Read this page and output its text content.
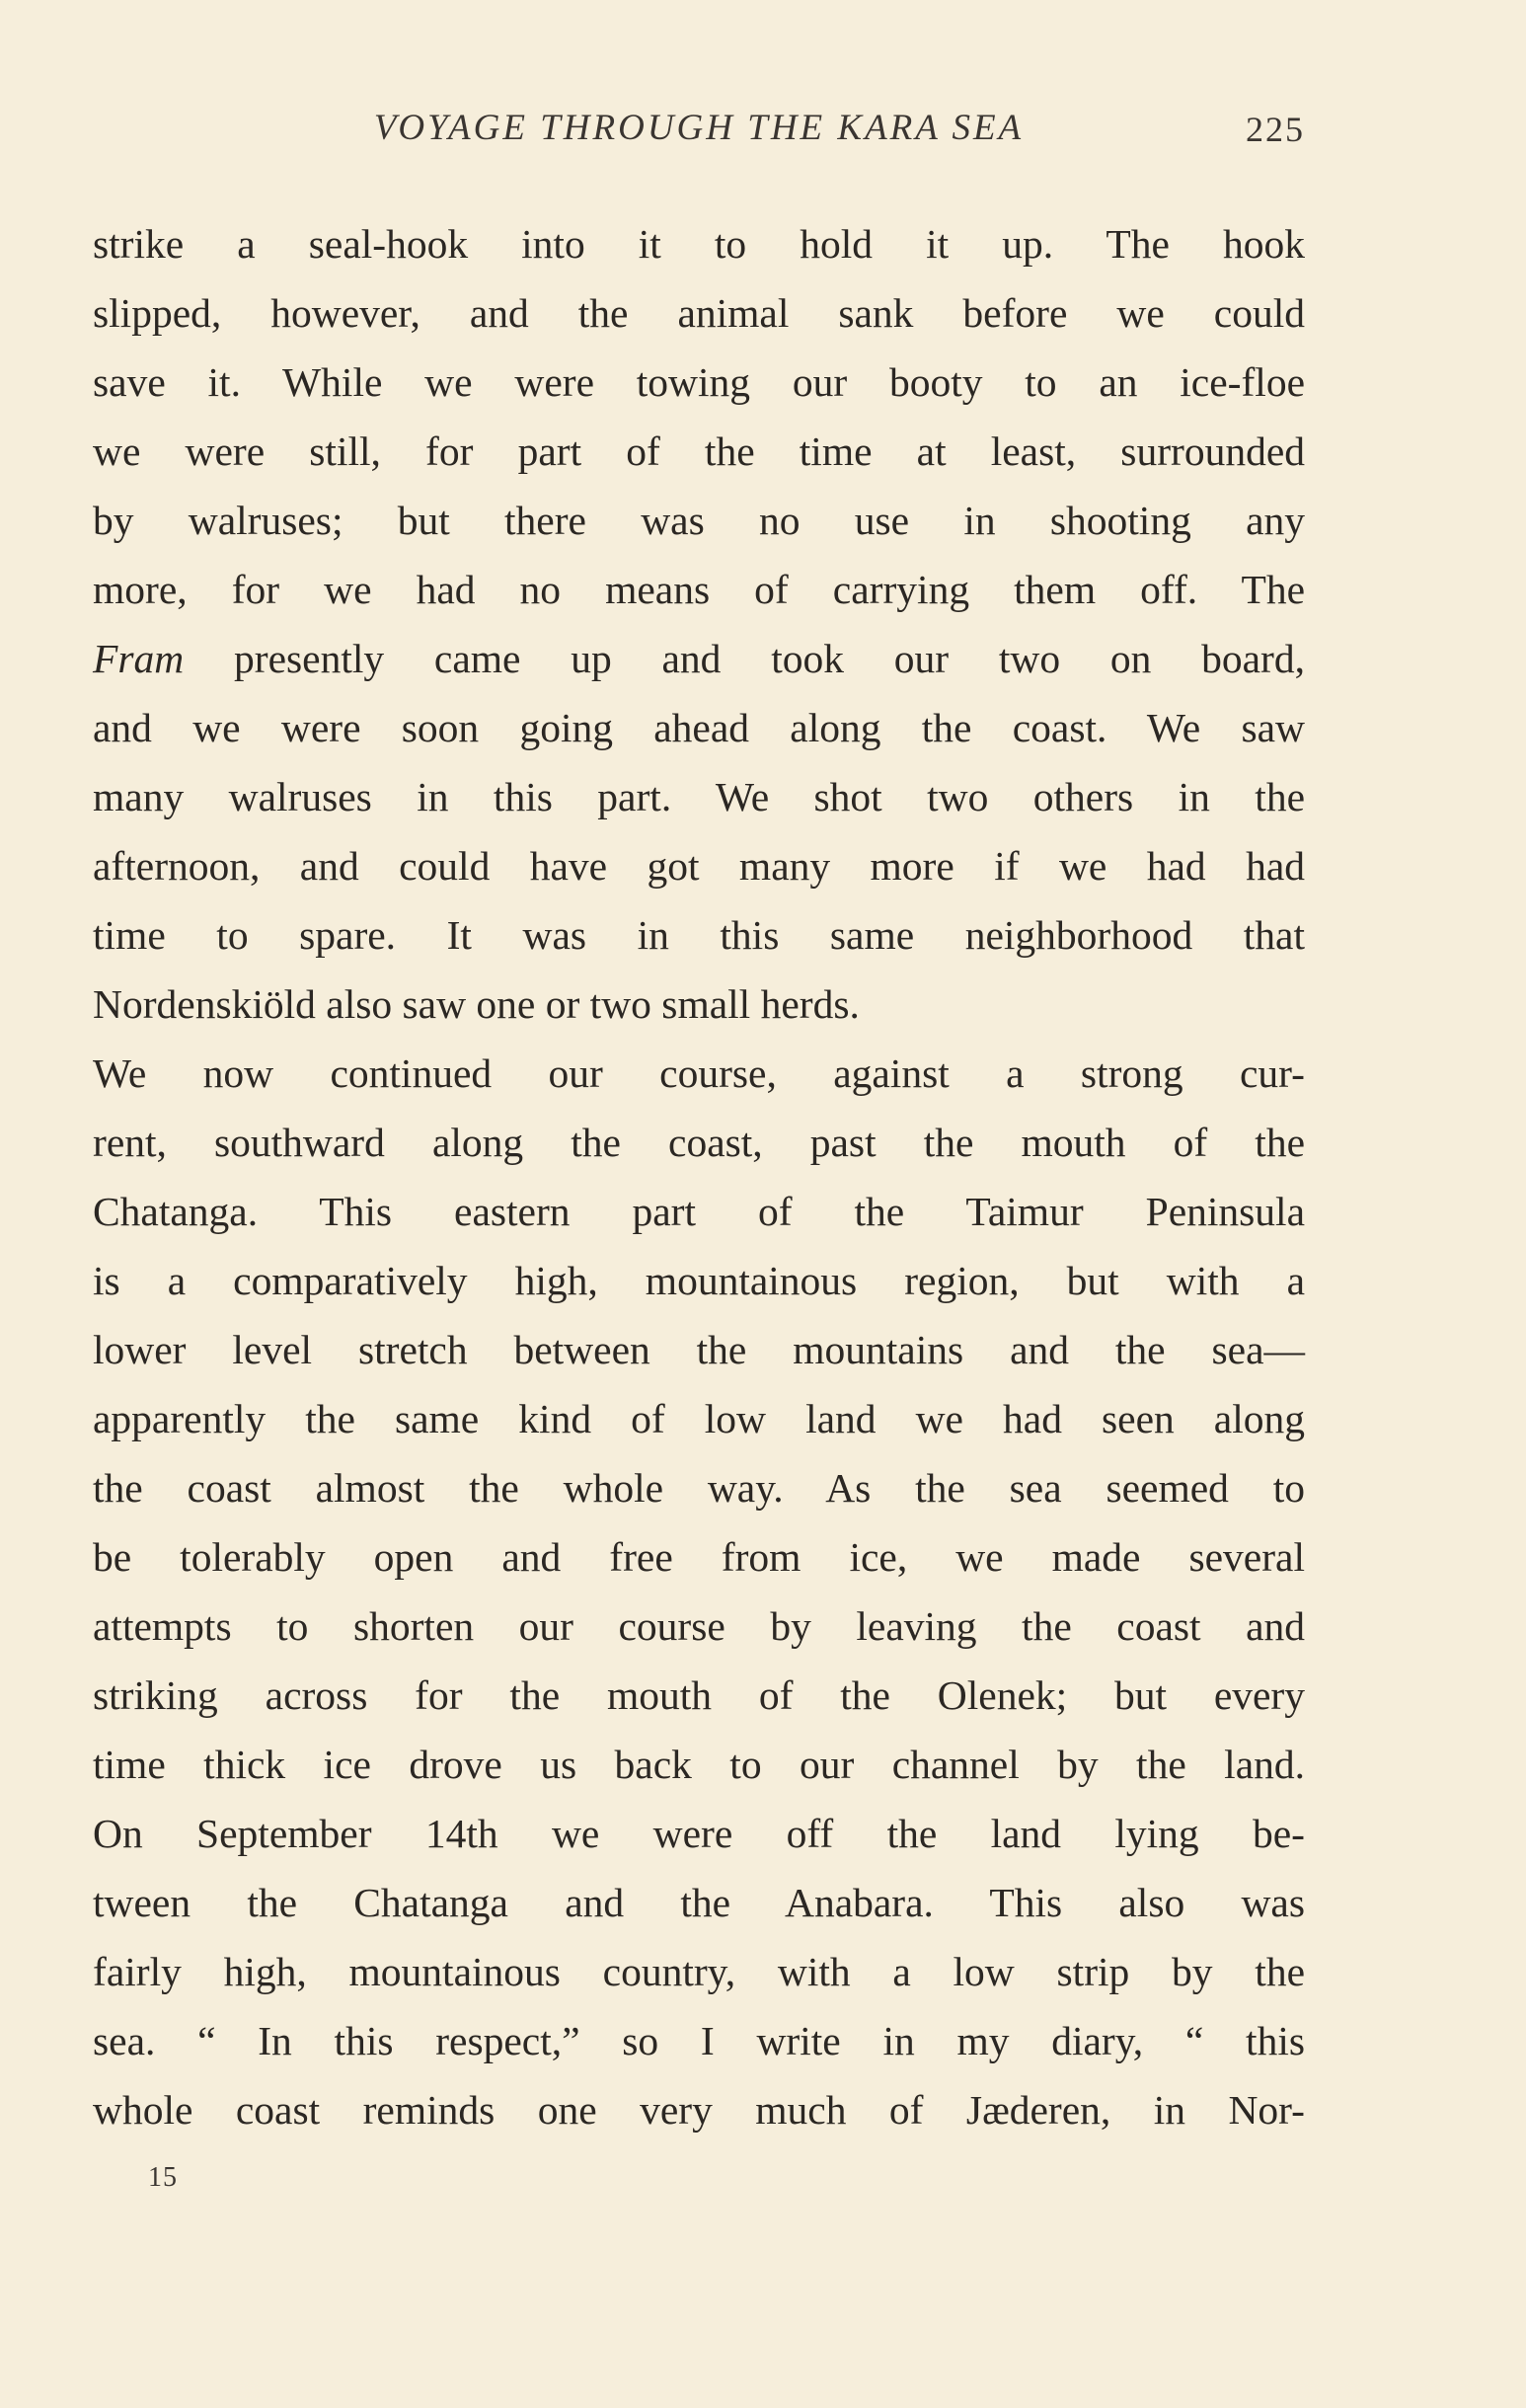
VOYAGE THROUGH THE KARA SEA	225
strike a seal-hook into it to hold it up. The hook
slipped, however, and the animal sank before we could
save it. While we were towing our booty to an ice-floe
we were still, for part of the time at least, surrounded
by walruses; but there was no use in shooting any
more, for we had no means of carrying them off. The
Fram presently came up and took our two on board,
and we were soon going ahead along the coast. We saw
many walruses in this part. We shot two others in the
afternoon, and could have got many more if we had had
time to spare. It was in this same neighborhood that
Nordenskiöld also saw one or two small herds.
We now continued our course, against a strong cur-
rent, southward along the coast, past the mouth of the
Chatanga. This eastern part of the Taimur Peninsula
is a comparatively high, mountainous region, but with a
lower level stretch between the mountains and the sea—
apparently the same kind of low land we had seen along
the coast almost the whole way. As the sea seemed to
be tolerably open and free from ice, we made several
attempts to shorten our course by leaving the coast and
striking across for the mouth of the Olenek; but every
time thick ice drove us back to our channel by the land.
On September 14th we were off the land lying be-
tween the Chatanga and the Anabara. This also was
fairly high, mountainous country, with a low strip by the
sea. “ In this respect,” so I write in my diary, “ this
whole coast reminds one very much of Jæderen, in Nor-
15
